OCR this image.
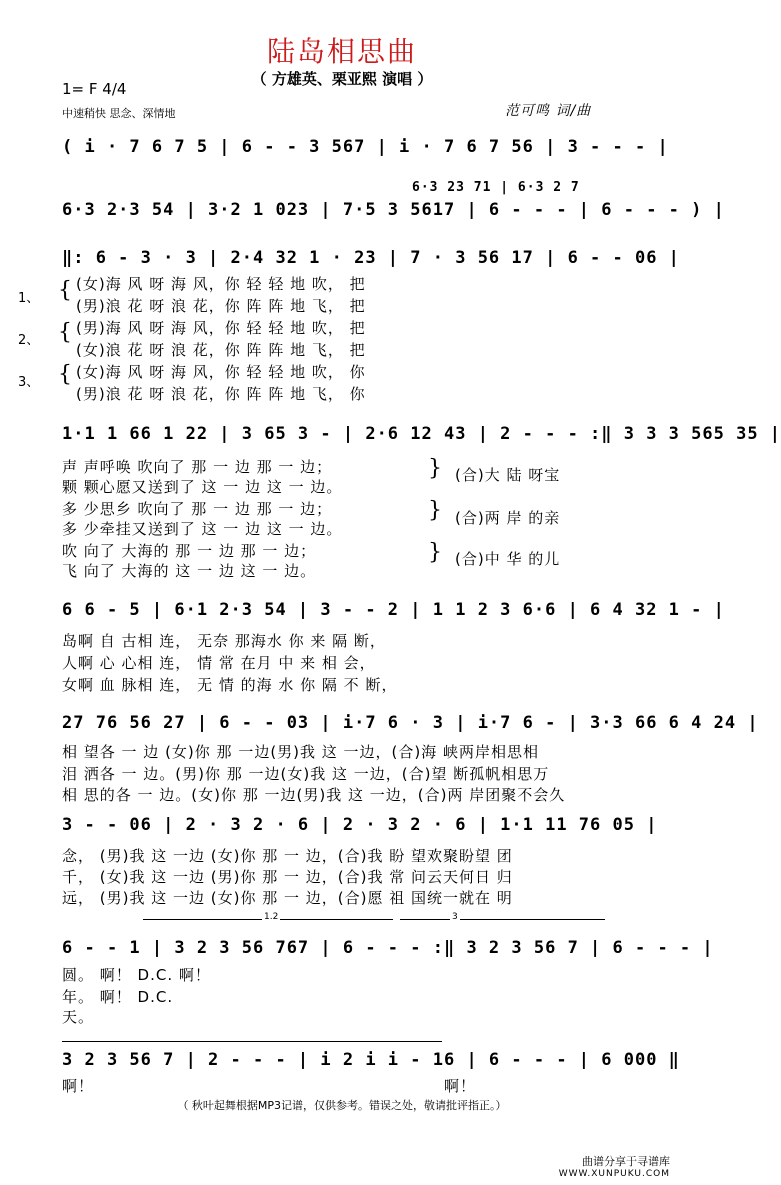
陆岛相思曲
（ 方雄英、栗亚熙 演唱 ）
1= F 4/4
中速稍快 思念、深情地	范可鸣 词/曲
( i · 7 6 7 5 | 6 - - 3 567 | i · 7 6 7 56 | 3 - - - |
6·3 23 71 | 6·3 2 7
6·3 2·3 54 | 3·2 1 023 | 7·5 3 5617 | 6 - - - | 6 - - - ) |
‖: 6 - 3 · 3 | 2·4 32 1 · 23 | 7 · 3 56 17 | 6 - - 06 |
1、
2、
3、
{
{
{
(女)海 风 呀 海 风，你 轻 轻 地 吹， 把
(男)浪 花 呀 浪 花，你 阵 阵 地 飞， 把
(男)海 风 呀 海 风，你 轻 轻 地 吹， 把
(女)浪 花 呀 浪 花，你 阵 阵 地 飞， 把
(女)海 风 呀 海 风，你 轻 轻 地 吹， 你
(男)浪 花 呀 浪 花，你 阵 阵 地 飞， 你
1·1 1 66 1 22 | 3 65 3 - | 2·6 12 43 | 2 - - - :‖ 3 3 3 565 35 |
声 声呼唤 吹向了 那 一 边 那 一 边；
颗 颗心愿又送到了 这 一 边 这 一 边。
多 少思乡 吹向了 那 一 边 那 一 边；
多 少牵挂又送到了 这 一 边 这 一 边。
吹 向了 大海的 那 一 边 那 一 边；
飞 向了 大海的 这 一 边 这 一 边。
}
}
}
(合)大 陆 呀宝
(合)两 岸 的亲
(合)中 华 的儿
6 6 - 5 | 6·1 2·3 54 | 3 - - 2 | 1 1 2 3 6·6 | 6 4 32 1 - |
岛啊 自 古相 连， 无奈 那海水 你 来 隔 断，
人啊 心 心相 连， 情 常 在月 中 来 相 会，
女啊 血 脉相 连， 无 情 的海 水 你 隔 不 断，
27 76 56 27 | 6 - - 03 | i·7 6 · 3 | i·7 6 - | 3·3 66 6 4 24 |
相 望各 一 边 (女)你 那 一边(男)我 这 一边，(合)海 峡两岸相思相
泪 洒各 一 边。(男)你 那 一边(女)我 这 一边，(合)望 断孤帆相思万
相 思的各 一 边。(女)你 那 一边(男)我 这 一边，(合)两 岸团聚不会久
3 - - 06 | 2 · 3 2 · 6 | 2 · 3 2 · 6 | 1·1 11 76 05 |
念， (男)我 这 一边 (女)你 那 一 边，(合)我 盼 望欢聚盼望 团
千， (女)我 这 一边 (男)你 那 一 边，(合)我 常 问云天何日 归
远， (男)我 这 一边 (女)你 那 一 边，(合)愿 祖 国统一就在 明
1.2	3
6 - - 1 | 3 2 3 56 767 | 6 - - - :‖ 3 2 3 56 7 | 6 - - - |
圆。 啊！ D.C. 啊！
年。 啊！ D.C.
天。
3 2 3 56 7 | 2 - - - | i 2 i i - 16 | 6 - - - | 6 000 ‖
啊！	啊！
（ 秋叶起舞根据MP3记谱，仅供参考。错误之处，敬请批评指正。）
曲谱分享于寻谱库
WWW.XUNPUKU.COM
